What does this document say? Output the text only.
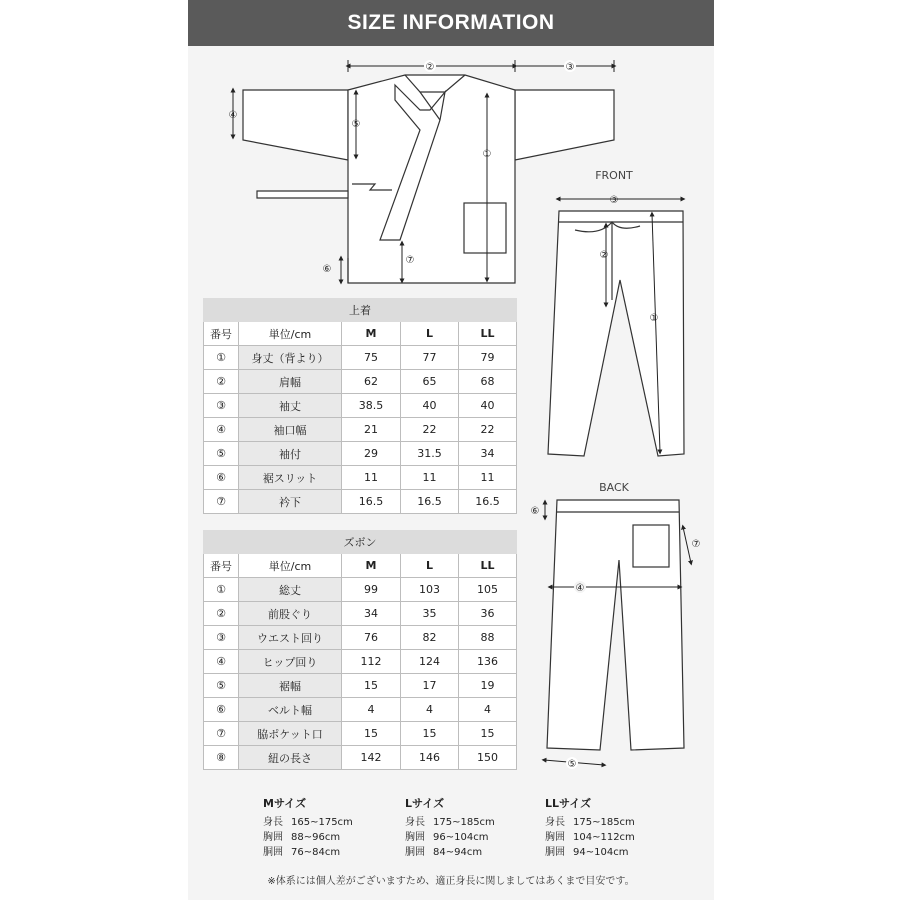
SIZE INFORMATION
②	③
④
⑤
①
⑥
⑦
FRONT
③
②
①
BACK
⑥
⑦
④
⑤
上着				
番号	単位/cm	M	L	LL
①	身丈（背より）	75	77	79
②	肩幅	62	65	68
③	袖丈	38.5	40	40
④	袖口幅	21	22	22
⑤	袖付	29	31.5	34
⑥	裾スリット	11	11	11
⑦	衿下	16.5	16.5	16.5
ズボン				
番号	単位/cm	M	L	LL
①	総丈	99	103	105
②	前股ぐり	34	35	36
③	ウエスト回り	76	82	88
④	ヒップ回り	112	124	136
⑤	裾幅	15	17	19
⑥	ベルト幅	4	4	4
⑦	脇ポケット口	15	15	15
⑧	紐の長さ	142	146	150
Mサイズ
身長 165~175cm
胸囲 88~96cm
胴囲 76~84cm
Lサイズ
身長 175~185cm
胸囲 96~104cm
胴囲 84~94cm
LLサイズ
身長 175~185cm
胸囲 104~112cm
胴囲 94~104cm
※体系には個人差がございますため、適正身長に関しましてはあくまで目安です。
